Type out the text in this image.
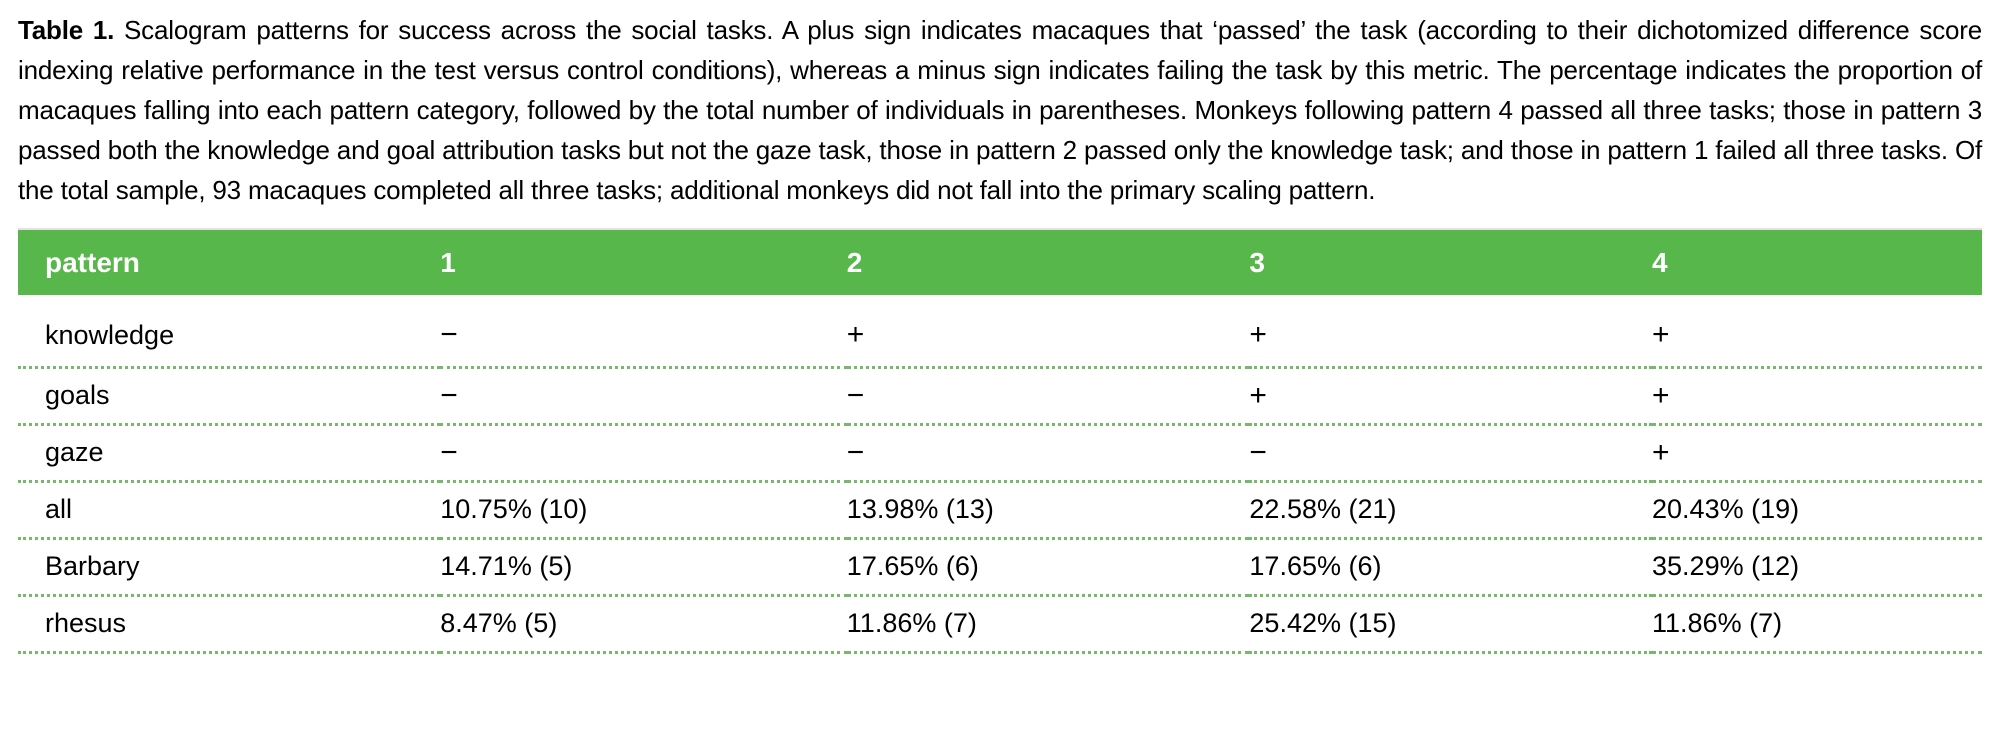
Table 1. Scalogram patterns for success across the social tasks. A plus sign indicates macaques that ‘passed’ the task (according to their dichotomized difference score indexing relative performance in the test versus control conditions), whereas a minus sign indicates failing the task by this metric. The percentage indicates the proportion of macaques falling into each pattern category, followed by the total number of individuals in parentheses. Monkeys following pattern 4 passed all three tasks; those in pattern 3 passed both the knowledge and goal attribution tasks but not the gaze task, those in pattern 2 passed only the knowledge task; and those in pattern 1 failed all three tasks. Of the total sample, 93 macaques completed all three tasks; additional monkeys did not fall into the primary scaling pattern.

pattern	1	2	3	4
knowledge	−	+	+	+
goals	−	−	+	+
gaze	−	−	−	+
all	10.75% (10)	13.98% (13)	22.58% (21)	20.43% (19)
Barbary	14.71% (5)	17.65% (6)	17.65% (6)	35.29% (12)
rhesus	8.47% (5)	11.86% (7)	25.42% (15)	11.86% (7)
